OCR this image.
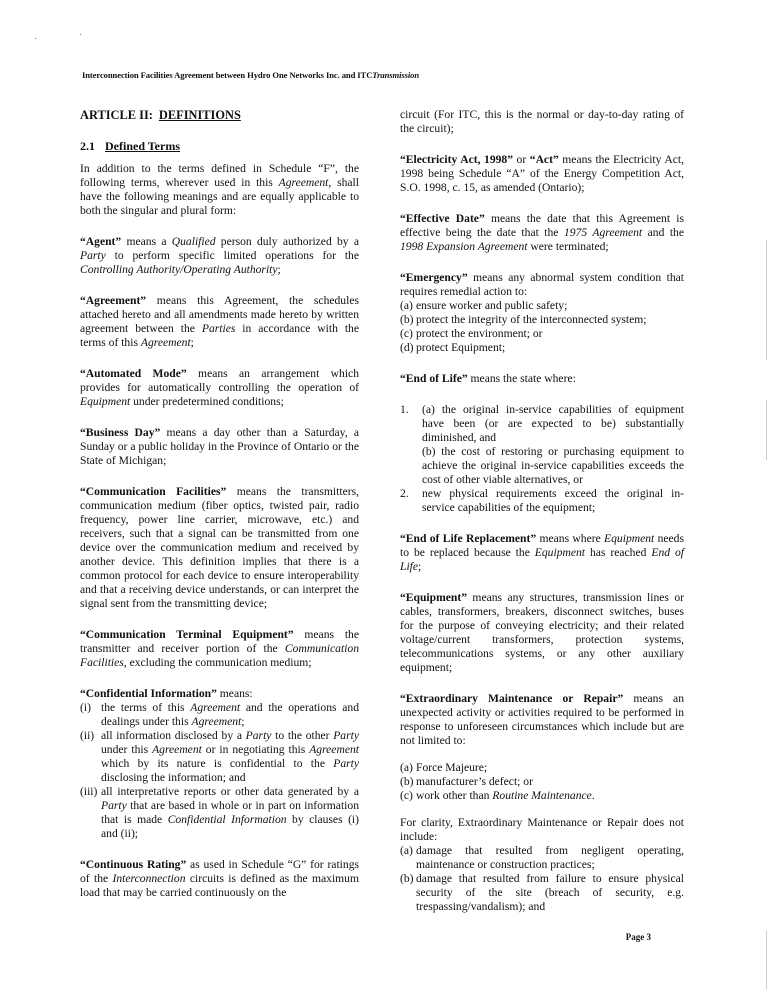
Interconnection Facilities Agreement between Hydro One Networks Inc. and ITCTransmission
ARTICLE II: DEFINITIONS
2.1 Defined Terms

In addition to the terms defined in Schedule “F”, the following terms, wherever used in this Agreement, shall have the following meanings and are equally applicable to both the singular and plural form:

“Agent” means a Qualified person duly authorized by a Party to perform specific limited operations for the Controlling Authority/Operating Authority;

“Agreement” means this Agreement, the schedules attached hereto and all amendments made hereto by written agreement between the Parties in accordance with the terms of this Agreement;

“Automated Mode” means an arrangement which provides for automatically controlling the operation of Equipment under predetermined conditions;

“Business Day” means a day other than a Saturday, a Sunday or a public holiday in the Province of Ontario or the State of Michigan;

“Communication Facilities” means the transmitters, communication medium (fiber optics, twisted pair, radio frequency, power line carrier, microwave, etc.) and receivers, such that a signal can be transmitted from one device over the communication medium and received by another device. This definition implies that there is a common protocol for each device to ensure interoperability and that a receiving device understands, or can interpret the signal sent from the transmitting device;

“Communication Terminal Equipment” means the transmitter and receiver portion of the Communication Facilities, excluding the communication medium;

“Confidential Information” means:

(i) the terms of this Agreement and the operations and dealings under this Agreement;
(ii) all information disclosed by a Party to the other Party under this Agreement or in negotiating this Agreement which by its nature is confidential to the Party disclosing the information; and
(iii) all interpretative reports or other data generated by a Party that are based in whole or in part on information that is made Confidential Information by clauses (i) and (ii);

“Continuous Rating” as used in Schedule “G” for ratings of the Interconnection circuits is defined as the maximum load that may be carried continuously on the

circuit (For ITC, this is the normal or day-to-day rating of the circuit);

“Electricity Act, 1998” or “Act” means the Electricity Act, 1998 being Schedule “A” of the Energy Competition Act, S.O. 1998, c. 15, as amended (Ontario);

“Effective Date” means the date that this Agreement is effective being the date that the 1975 Agreement and the 1998 Expansion Agreement were terminated;

“Emergency” means any abnormal system condition that requires remedial action to:

(a) ensure worker and public safety;
(b) protect the integrity of the interconnected system;
(c) protect the environment; or
(d) protect Equipment;

“End of Life” means the state where:

1.	(a) the original in-service capabilities of equipment have been (or are expected to be) substantially diminished, and
(b) the cost of restoring or purchasing equipment to achieve the original in-service capabilities exceeds the cost of other viable alternatives, or
2.	new physical requirements exceed the original in-service capabilities of the equipment;

“End of Life Replacement” means where Equipment needs to be replaced because the Equipment has reached End of Life;

“Equipment” means any structures, transmission lines or cables, transformers, breakers, disconnect switches, buses for the purpose of conveying electricity; and their related voltage/current transformers, protection systems, telecommunications systems, or any other auxiliary equipment;

“Extraordinary Maintenance or Repair” means an unexpected activity or activities required to be performed in response to unforeseen circumstances which include but are not limited to:

(a) Force Majeure;
(b) manufacturer’s defect; or
(c) work other than Routine Maintenance.

For clarity, Extraordinary Maintenance or Repair does not include:

(a) damage that resulted from negligent operating, maintenance or construction practices;
(b) damage that resulted from failure to ensure physical security of the site (breach of security, e.g. trespassing/vandalism); and
Page 3
